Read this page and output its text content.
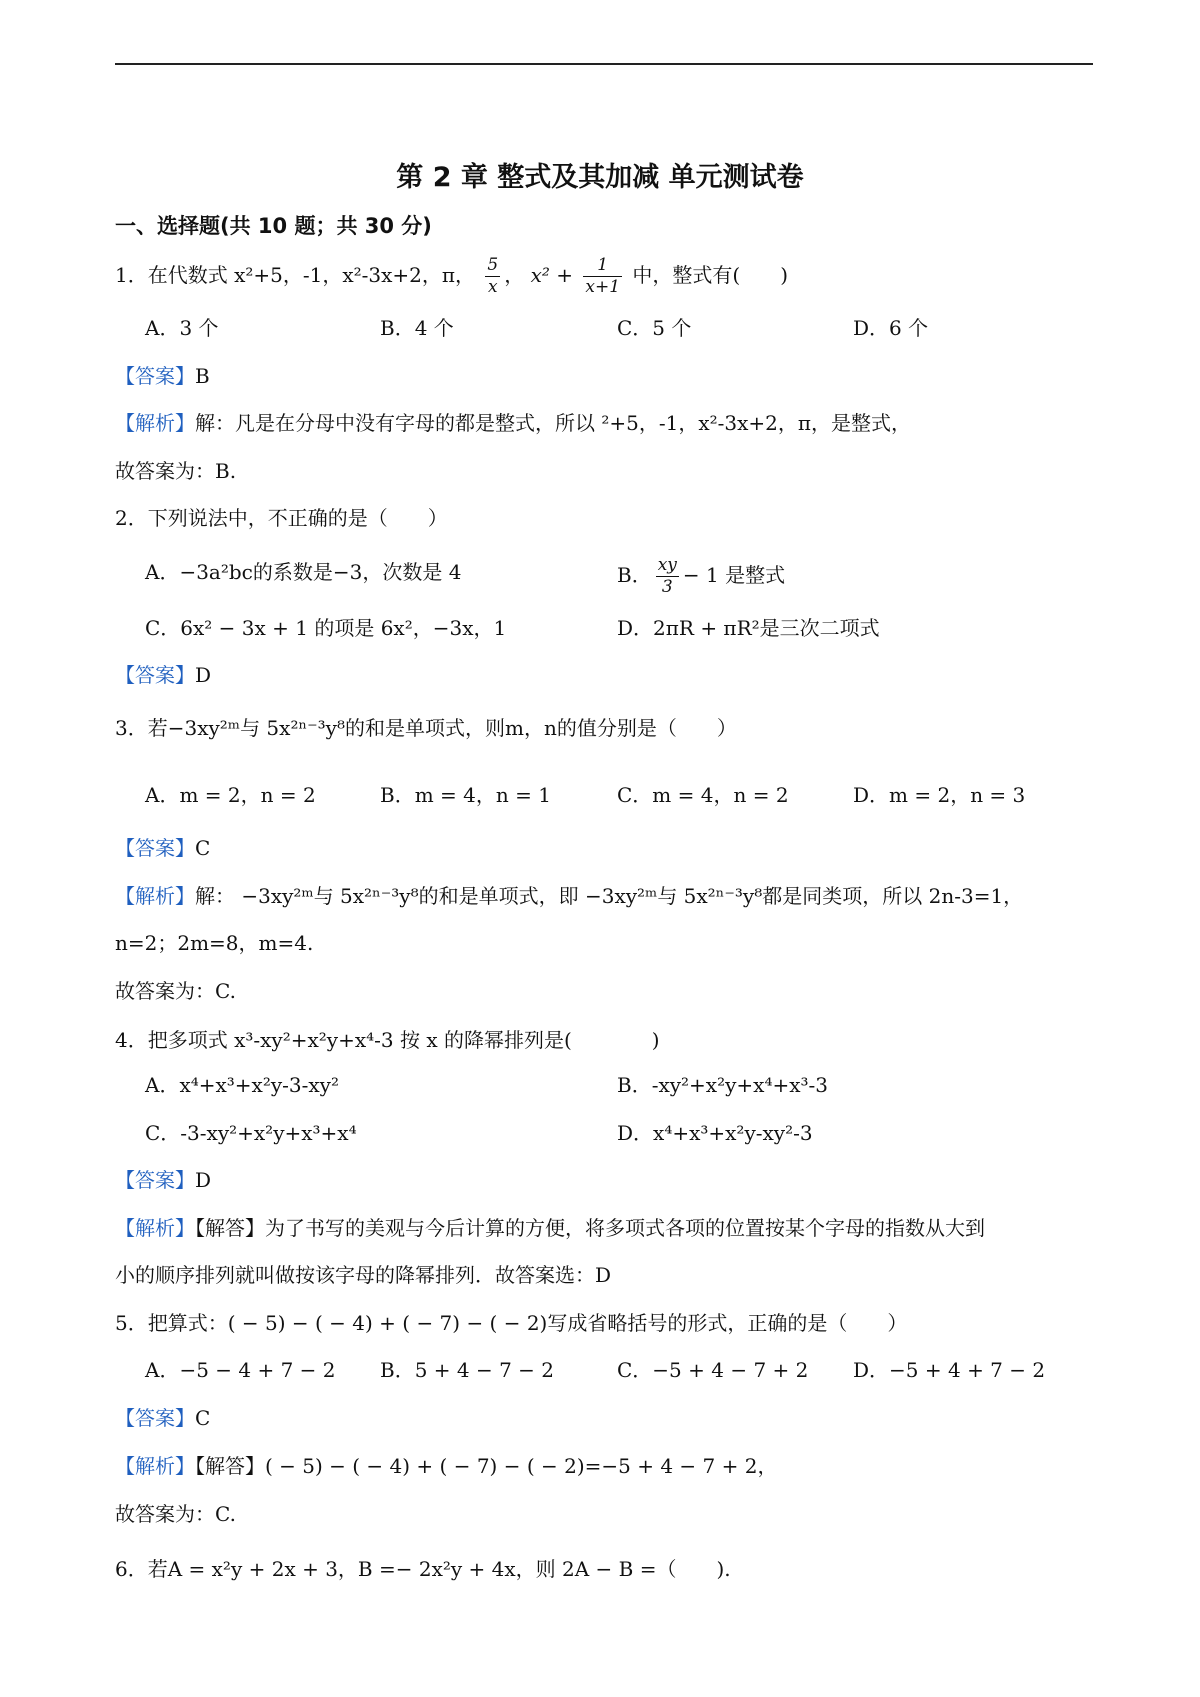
第 2 章 整式及其加减 单元测试卷
一、选择题(共 10 题；共 30 分)
1．在代数式 x²+5，-1，x²-3x+2，π， $\frac{5}{x}$ ， $x^2 + \frac{1}{x+1}$ 中，整式有(　　)
A．3 个	B．4 个	C．5 个	D．6 个
【答案】B
【解析】解：凡是在分母中没有字母的都是整式，所以 ²+5，-1，x²-3x+2，π，是整式，
故答案为：B.
2．下列说法中，不正确的是（　　）
A．−3a²bc的系数是−3，次数是 4	B． $\frac{xy}{3} - 1$ 是整式
C．6x² − 3x + 1 的项是 6x²，−3x，1	D．2πR + πR²是三次二项式
【答案】D
3．若−3xy²ᵐ与 5x²ⁿ⁻³y⁸的和是单项式，则m，n的值分别是（　　）
A．m = 2，n = 2	B．m = 4，n = 1	C．m = 4，n = 2	D．m = 2，n = 3
【答案】C
【解析】解： −3xy²ᵐ与 5x²ⁿ⁻³y⁸的和是单项式，即 −3xy²ᵐ与 5x²ⁿ⁻³y⁸都是同类项，所以 2n-3=1，
n=2；2m=8，m=4.
故答案为：C.
4．把多项式 x³-xy²+x²y+x⁴-3 按 x 的降幂排列是(　　　　)
A．x⁴+x³+x²y-3-xy²	B．-xy²+x²y+x⁴+x³-3
C．-3-xy²+x²y+x³+x⁴	D．x⁴+x³+x²y-xy²-3
【答案】D
【解析】【解答】为了书写的美观与今后计算的方便，将多项式各项的位置按某个字母的指数从大到
小的顺序排列就叫做按该字母的降幂排列．故答案选：D
5．把算式：( − 5) − ( − 4) + ( − 7) − ( − 2)写成省略括号的形式，正确的是（　　）
A．−5 − 4 + 7 − 2 B．5 + 4 − 7 − 2	C．−5 + 4 − 7 + 2 D．−5 + 4 + 7 − 2
【答案】C
【解析】【解答】( − 5) − ( − 4) + ( − 7) − ( − 2)=−5 + 4 − 7 + 2，
故答案为：C.
6．若A = x²y + 2x + 3，B =− 2x²y + 4x，则 2A − B =（　　).
